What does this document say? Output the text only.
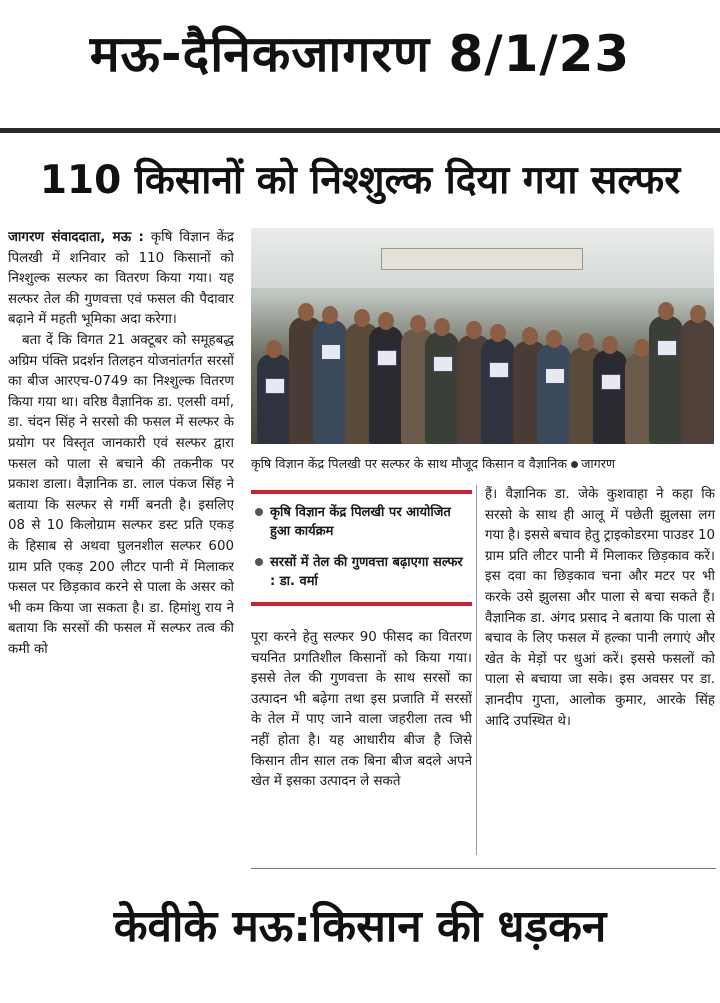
मऊ-दैनिकजागरण 8/1/23
110 किसानों को निश्शुल्क दिया गया सल्फर
जागरण संवाददाता, मऊ : कृषि विज्ञान केंद्र पिलखी में शनिवार को 110 किसानों को निश्शुल्क सल्फर का वितरण किया गया। यह सल्फर तेल की गुणवत्ता एवं फसल की पैदावार बढ़ाने में महती भूमिका अदा करेगा।
बता दें कि विगत 21 अक्टूबर को समूहबद्ध अग्रिम पंक्ति प्रदर्शन तिलहन योजनांतर्गत सरसों का बीज आरएच-0749 का निश्शुल्क वितरण किया गया था। वरिष्ठ वैज्ञानिक डा. एलसी वर्मा, डा. चंदन सिंह ने सरसो की फसल में सल्फर के प्रयोग पर विस्तृत जानकारी एवं सल्फर द्वारा फसल को पाला से बचाने की तकनीक पर प्रकाश डाला। वैज्ञानिक डा. लाल पंकज सिंह ने बताया कि सल्फर से गर्मी बनती है। इसलिए 08 से 10 किलोग्राम सल्फर डस्ट प्रति एकड़ के हिसाब से अथवा घुलनशील सल्फर 600 ग्राम प्रति एकड़ 200 लीटर पानी में मिलाकर फसल पर छिड़काव करने से पाला के असर को भी कम किया जा सकता है। डा. हिमांशु राय ने बताया कि सरसों की फसल में सल्फर तत्व की कमी को
कृषि विज्ञान केंद्र पिलखी पर सल्फर के साथ मौजूद किसान व वैज्ञानिक जागरण
कृषि विज्ञान केंद्र पिलखी पर आयोजित हुआ कार्यक्रम
सरसों में तेल की गुणवत्ता बढ़ाएगा सल्फर : डा. वर्मा
पूरा करने हेतु सल्फर 90 फीसद का वितरण चयनित प्रगतिशील किसानों को किया गया। इससे तेल की गुणवत्ता के साथ सरसों का उत्पादन भी बढ़ेगा तथा इस प्रजाति में सरसों के तेल में पाए जाने वाला जहरीला तत्व भी नहीं होता है। यह आधारीय बीज है जिसे किसान तीन साल तक बिना बीज बदले अपने खेत में इसका उत्पादन ले सकते
हैं। वैज्ञानिक डा. जेके कुशवाहा ने कहा कि सरसो के साथ ही आलू में पछेती झुलसा लग गया है। इससे बचाव हेतु ट्राइकोडरमा पाउडर 10 ग्राम प्रति लीटर पानी में मिलाकर छिड़काव करें। इस दवा का छिड़काव चना और मटर पर भी करके उसे झुलसा और पाला से बचा सकते हैं। वैज्ञानिक डा. अंगद प्रसाद ने बताया कि पाला से बचाव के लिए फसल में हल्का पानी लगाएं और खेत के मेड़ों पर धुआं करें। इससे फसलों को पाला से बचाया जा सके। इस अवसर पर डा. ज्ञानदीप गुप्ता, आलोक कुमार, आरके सिंह आदि उपस्थित थे।
केवीके मऊ:किसान की धड़कन
